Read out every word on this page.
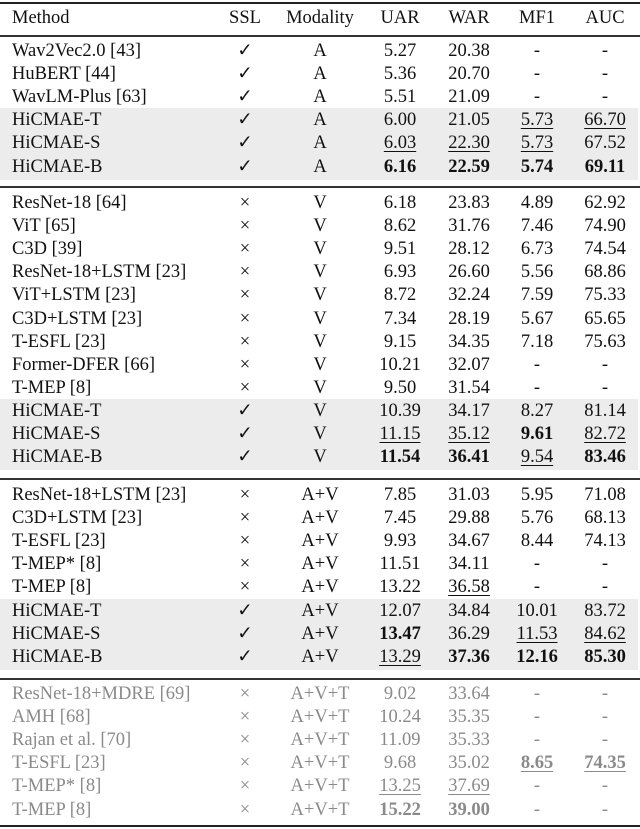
Method	SSL	Modality	UAR	WAR	MF1	AUC
Wav2Vec2.0 [43]	✓	A	5.27	20.38	-	-
HuBERT [44]	✓	A	5.36	20.70	-	-
WavLM-Plus [63]	✓	A	5.51	21.09	-	-
HiCMAE-T	✓	A	6.00	21.05	5.73	66.70
HiCMAE-S	✓	A	6.03	22.30	5.73	67.52
HiCMAE-B	✓	A	6.16	22.59	5.74	69.11
ResNet-18 [64]	×	V	6.18	23.83	4.89	62.92
ViT [65]	×	V	8.62	31.76	7.46	74.90
C3D [39]	×	V	9.51	28.12	6.73	74.54
ResNet-18+LSTM [23]	×	V	6.93	26.60	5.56	68.86
ViT+LSTM [23]	×	V	8.72	32.24	7.59	75.33
C3D+LSTM [23]	×	V	7.34	28.19	5.67	65.65
T-ESFL [23]	×	V	9.15	34.35	7.18	75.63
Former-DFER [66]	×	V	10.21	32.07	-	-
T-MEP [8]	×	V	9.50	31.54	-	-
HiCMAE-T	✓	V	10.39	34.17	8.27	81.14
HiCMAE-S	✓	V	11.15	35.12	9.61	82.72
HiCMAE-B	✓	V	11.54	36.41	9.54	83.46
ResNet-18+LSTM [23]	×	A+V	7.85	31.03	5.95	71.08
C3D+LSTM [23]	×	A+V	7.45	29.88	5.76	68.13
T-ESFL [23]	×	A+V	9.93	34.67	8.44	74.13
T-MEP* [8]	×	A+V	11.51	34.11	-	-
T-MEP [8]	×	A+V	13.22	36.58	-	-
HiCMAE-T	✓	A+V	12.07	34.84	10.01	83.72
HiCMAE-S	✓	A+V	13.47	36.29	11.53	84.62
HiCMAE-B	✓	A+V	13.29	37.36	12.16	85.30
ResNet-18+MDRE [69]	×	A+V+T	9.02	33.64	-	-
AMH [68]	×	A+V+T	10.24	35.35	-	-
Rajan et al. [70]	×	A+V+T	11.09	35.33	-	-
T-ESFL [23]	×	A+V+T	9.68	35.02	8.65	74.35
T-MEP* [8]	×	A+V+T	13.25	37.69	-	-
T-MEP [8]	×	A+V+T	15.22	39.00	-	-
